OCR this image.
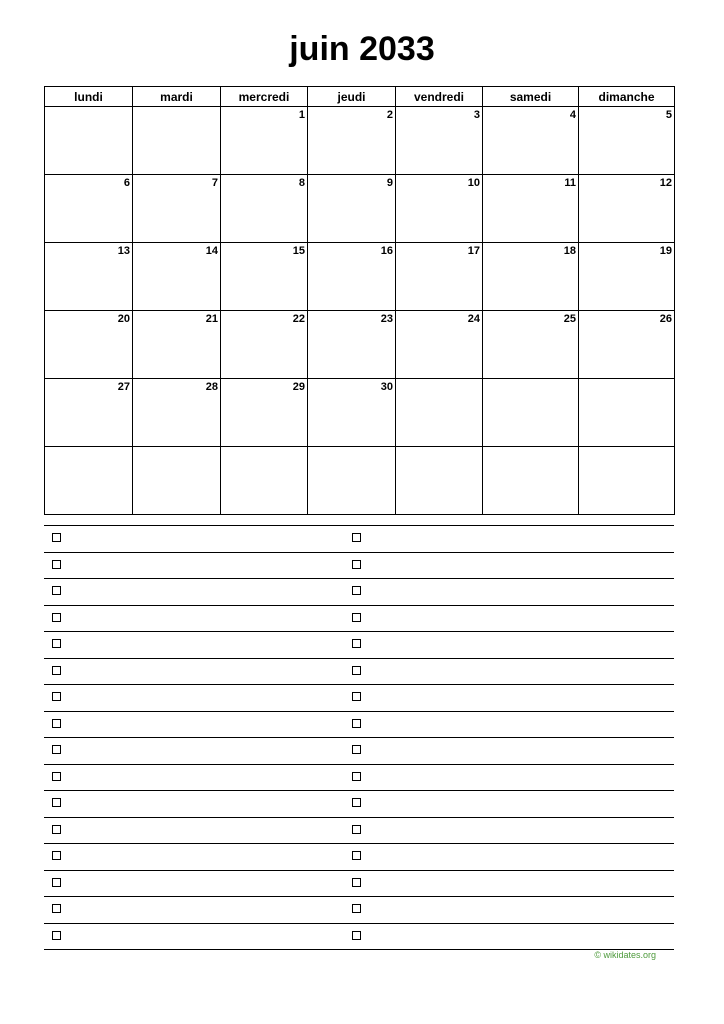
juin 2033
lundi	mardi	mercredi	jeudi	vendredi	samedi	dimanche

		1	2	3	4	5

6	7	8	9	10	11	12

13	14	15	16	17	18	19

20	21	22	23	24	25	26

27	28	29	30			

© wikidates.org
